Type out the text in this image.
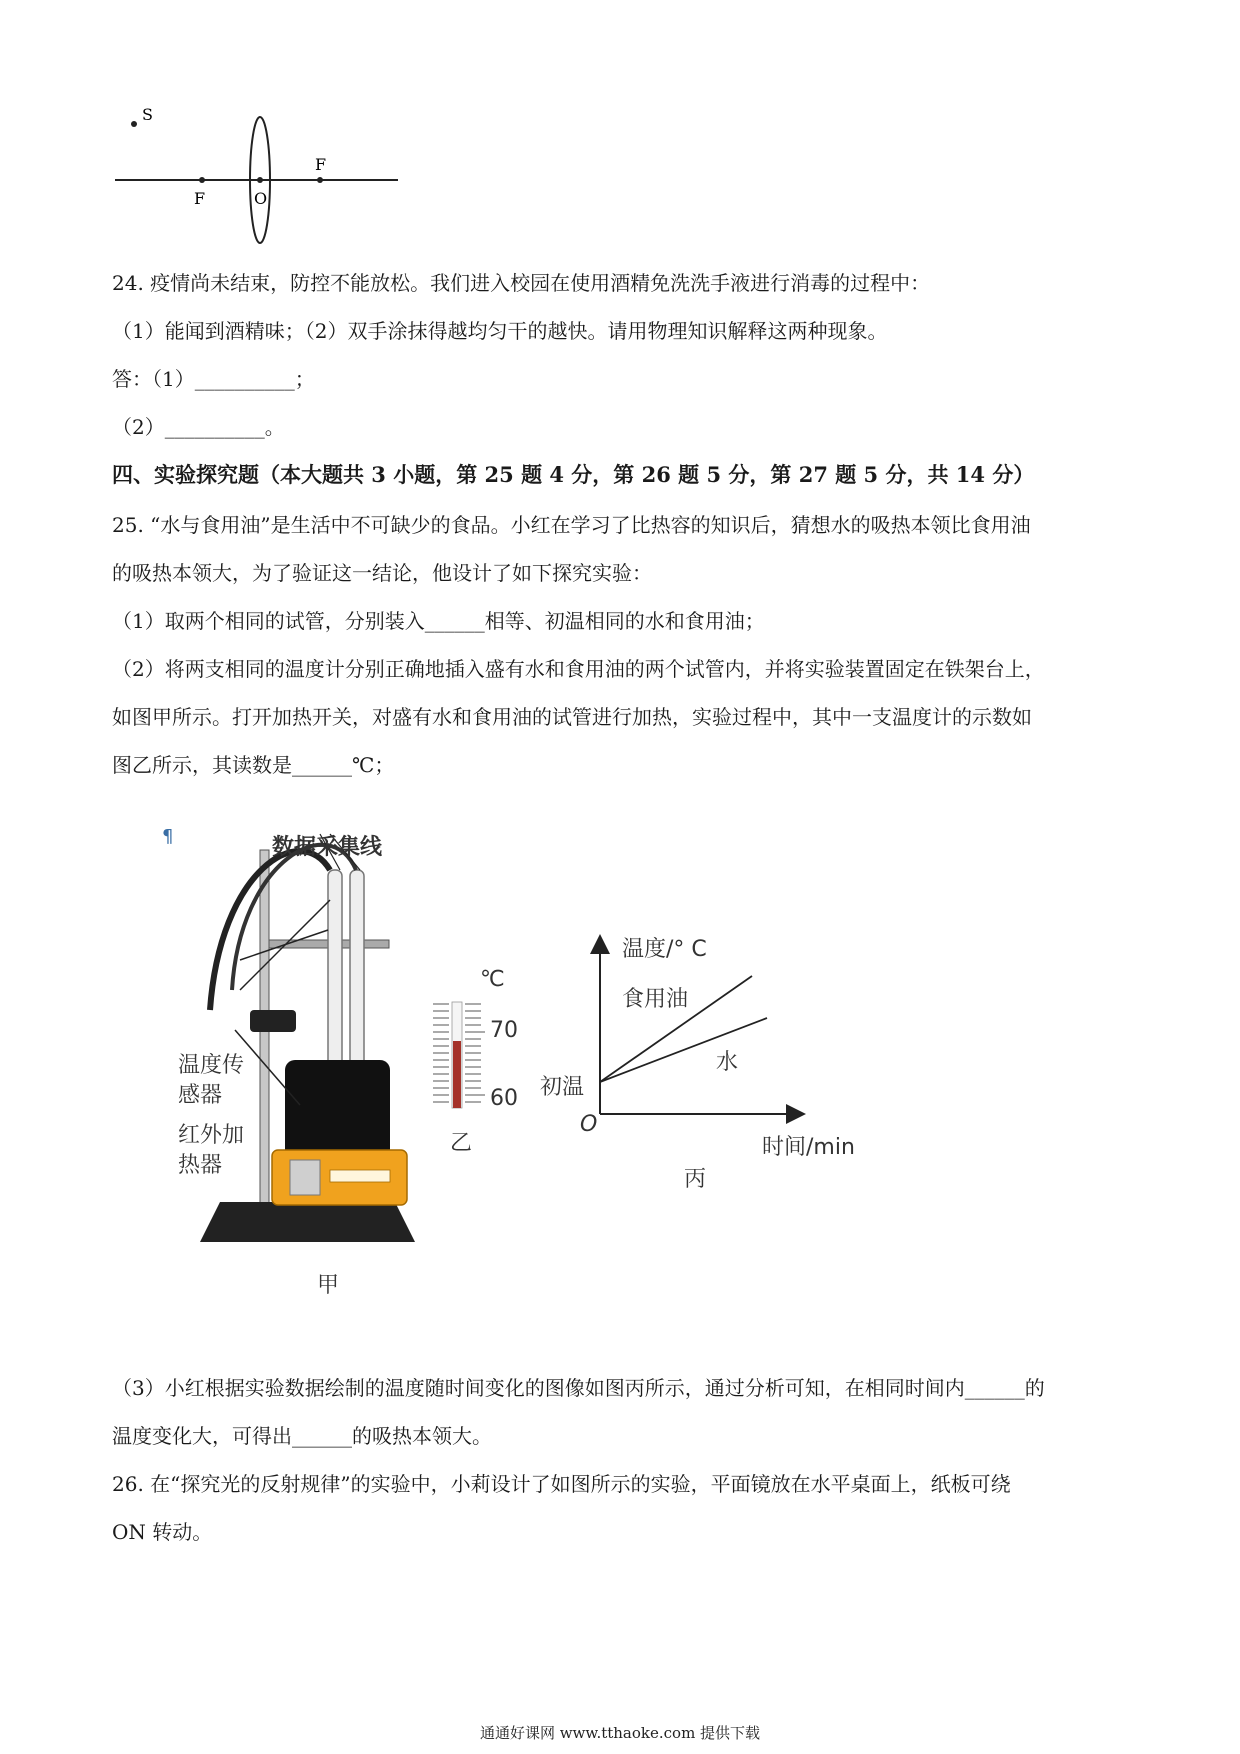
S
F	O
F
24. 疫情尚未结束，防控不能放松。我们进入校园在使用酒精免洗洗手液进行消毒的过程中：
（1）能闻到酒精味；（2）双手涂抹得越均匀干的越快。请用物理知识解释这两种现象。
答：（1）__________；
（2）__________。
四、实验探究题（本大题共 3 小题，第 25 题 4 分，第 26 题 5 分，第 27 题 5 分，共 14 分）
25. “水与食用油”是生活中不可缺少的食品。小红在学习了比热容的知识后，猜想水的吸热本领比食用油
的吸热本领大，为了验证这一结论，他设计了如下探究实验：
（1）取两个相同的试管，分别装入______相等、初温相同的水和食用油；
（2）将两支相同的温度计分别正确地插入盛有水和食用油的两个试管内，并将实验装置固定在铁架台上，
如图甲所示。打开加热开关，对盛有水和食用油的试管进行加热，实验过程中，其中一支温度计的示数如
图乙所示，其读数是______℃；
¶	数据采集线
温度传
感器
红外加
热器
甲
℃
70
60
乙
温度/° C
食用油
水
初温
O
时间/min
丙
（3）小红根据实验数据绘制的温度随时间变化的图像如图丙所示，通过分析可知，在相同时间内______的
温度变化大，可得出______的吸热本领大。
26. 在“探究光的反射规律”的实验中，小莉设计了如图所示的实验，平面镜放在水平桌面上，纸板可绕
ON 转动。
通通好课网 www.tthaoke.com 提供下载
